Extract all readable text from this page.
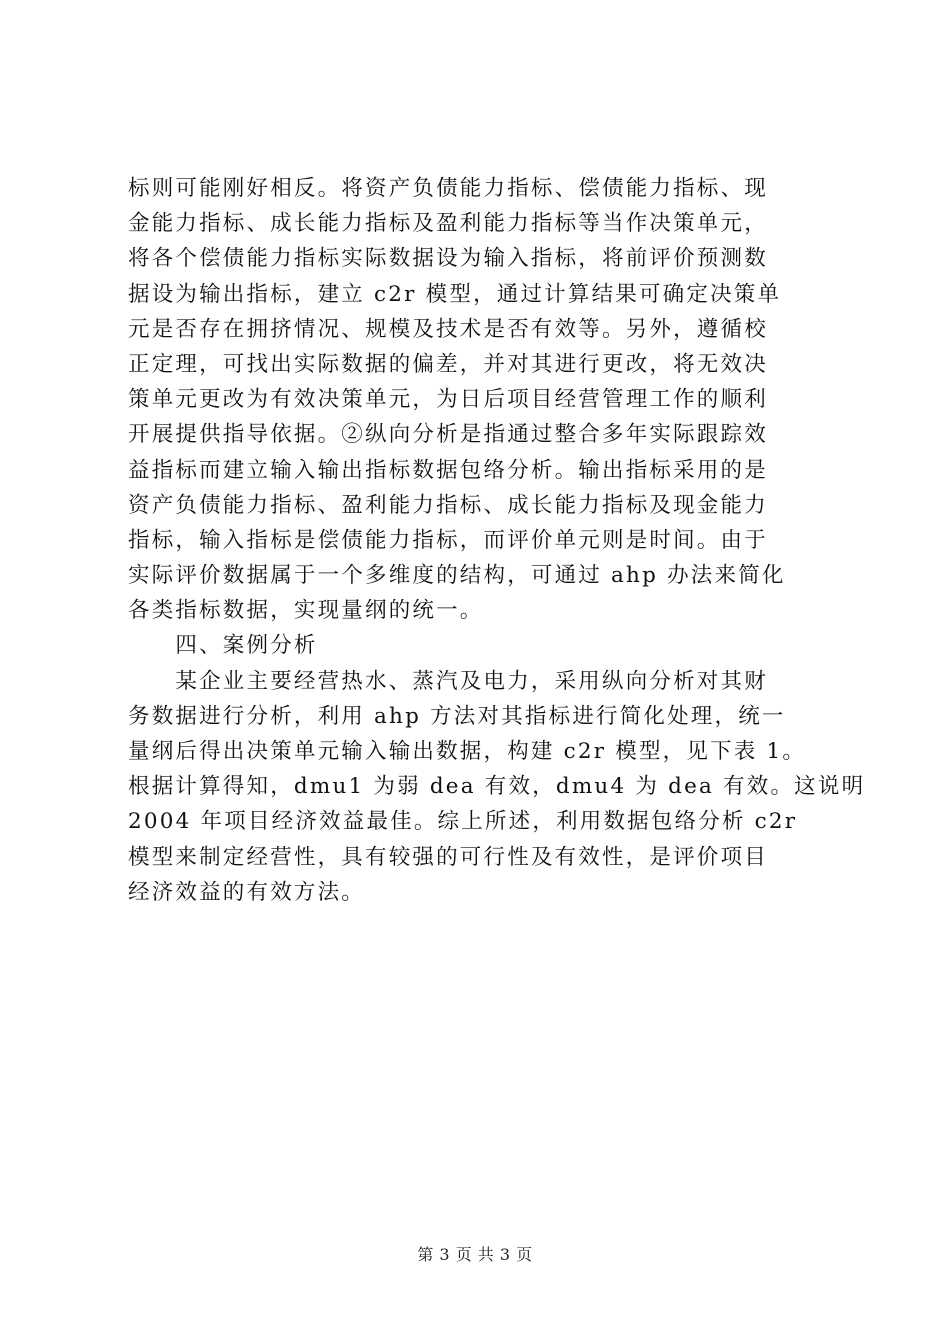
标则可能刚好相反。将资产负债能力指标、偿债能力指标、现
金能力指标、成长能力指标及盈利能力指标等当作决策单元，
将各个偿债能力指标实际数据设为输入指标，将前评价预测数
据设为输出指标，建立 c2r 模型，通过计算结果可确定决策单
元是否存在拥挤情况、规模及技术是否有效等。另外，遵循校
正定理，可找出实际数据的偏差，并对其进行更改，将无效决
策单元更改为有效决策单元，为日后项目经营管理工作的顺利
开展提供指导依据。②纵向分析是指通过整合多年实际跟踪效
益指标而建立输入输出指标数据包络分析。输出指标采用的是
资产负债能力指标、盈利能力指标、成长能力指标及现金能力
指标，输入指标是偿债能力指标，而评价单元则是时间。由于
实际评价数据属于一个多维度的结构，可通过 ahp 办法来简化
各类指标数据，实现量纲的统一。
　　四、案例分析
　　某企业主要经营热水、蒸汽及电力，采用纵向分析对其财
务数据进行分析，利用 ahp 方法对其指标进行简化处理，统一
量纲后得出决策单元输入输出数据，构建 c2r 模型，见下表 1。
根据计算得知，dmu1 为弱 dea 有效，dmu4 为 dea 有效。这说明
2004 年项目经济效益最佳。综上所述，利用数据包络分析 c2r
模型来制定经营性，具有较强的可行性及有效性，是评价项目
经济效益的有效方法。
第 3 页 共 3 页
